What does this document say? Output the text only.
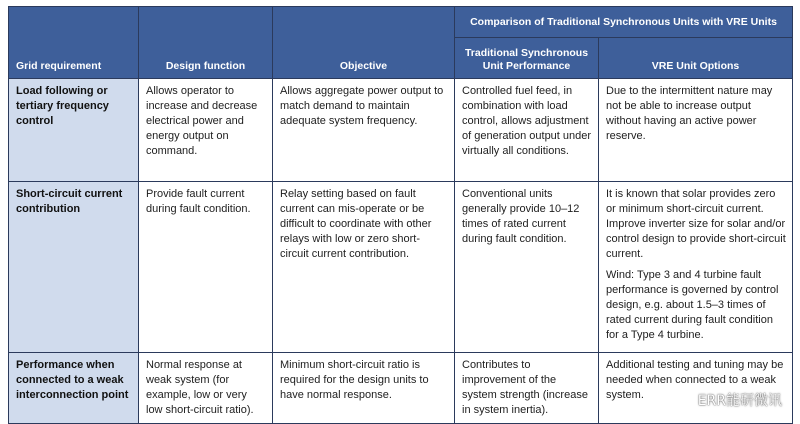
Grid requirement	Design function	Objective	Comparison of Traditional Synchronous Units with VRE Units	
			Traditional Synchronous Unit Performance	VRE Unit Options
Load following or tertiary frequency control	Allows operator to increase and decrease electrical power and energy output on command.	Allows aggregate power output to match demand to maintain adequate system frequency.	Controlled fuel feed, in combination with load control, allows adjustment of generation output under virtually all conditions.	Due to the intermittent nature may not be able to increase output without having an active power reserve.

Short-circuit current contribution	Provide fault current during fault condition.	Relay setting based on fault current can mis-operate or be difficult to coordinate with other relays with low or zero short-circuit current contribution.	Conventional units generally provide 10–12 times of rated current during fault condition.	It is known that solar provides zero or minimum short-circuit current. Improve inverter size for solar and/or control design to provide short-circuit current.

Wind: Type 3 and 4 turbine fault performance is governed by control design, e.g. about 1.5–3 times of rated current during fault condition for a Type 4 turbine.

Performance when connected to a weak interconnection point	Normal response at weak system (for example, low or very low short-circuit ratio).	Minimum short-circuit ratio is required for the design units to have normal response.	Contributes to improvement of the system strength (increase in system inertia).	Additional testing and tuning may be needed when connected to a weak system.	ERR能研微讯
